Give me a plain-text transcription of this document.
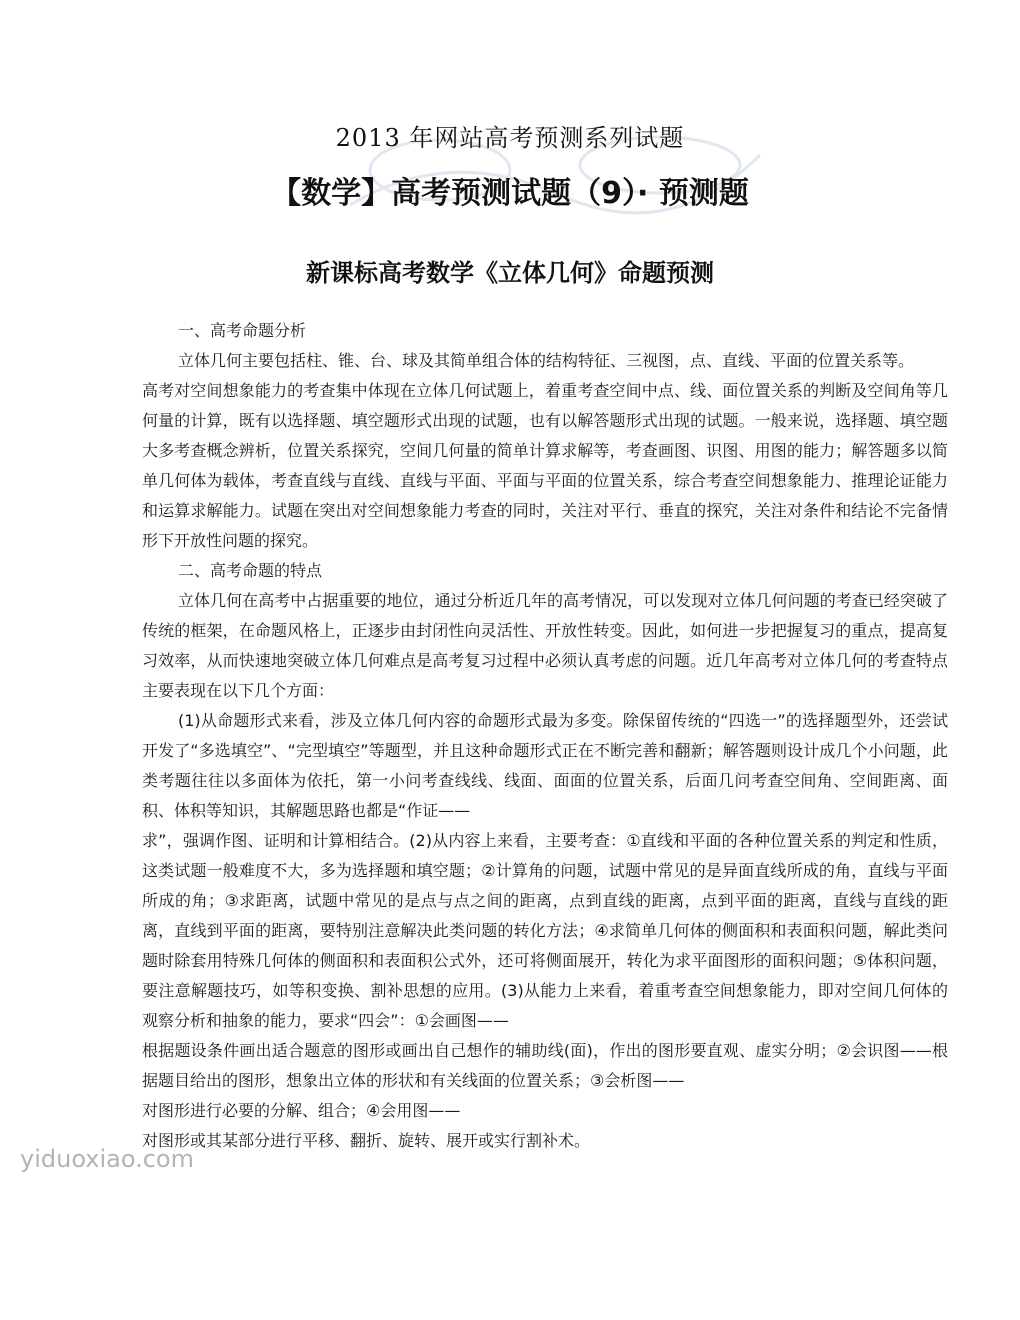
2013 年网站高考预测系列试题
【数学】高考预测试题（9）· 预测题
新课标高考数学《立体几何》命题预测

一、高考命题分析

立体几何主要包括柱、锥、台、球及其简单组合体的结构特征、三视图，点、直线、平面的位置关系等。

高考对空间想象能力的考查集中体现在立体几何试题上，着重考查空间中点、线、面位置关系的判断及空间角等几何量的计算，既有以选择题、填空题形式出现的试题，也有以解答题形式出现的试题。一般来说，选择题、填空题大多考查概念辨析，位置关系探究，空间几何量的简单计算求解等，考查画图、识图、用图的能力；解答题多以简单几何体为载体，考查直线与直线、直线与平面、平面与平面的位置关系，综合考查空间想象能力、推理论证能力和运算求解能力。试题在突出对空间想象能力考查的同时，关注对平行、垂直的探究，关注对条件和结论不完备情形下开放性问题的探究。

二、高考命题的特点

立体几何在高考中占据重要的地位，通过分析近几年的高考情况，可以发现对立体几何问题的考查已经突破了传统的框架，在命题风格上，正逐步由封闭性向灵活性、开放性转变。因此，如何进一步把握复习的重点，提高复习效率，从而快速地突破立体几何难点是高考复习过程中必须认真考虑的问题。近几年高考对立体几何的考查特点主要表现在以下几个方面：

(1)从命题形式来看，涉及立体几何内容的命题形式最为多变。除保留传统的“四选一”的选择题型外，还尝试开发了“多选填空”、“完型填空”等题型，并且这种命题形式正在不断完善和翻新；解答题则设计成几个小问题，此类考题往往以多面体为依托，第一小问考查线线、线面、面面的位置关系，后面几问考查空间角、空间距离、面积、体积等知识，其解题思路也都是“作证——

求”，强调作图、证明和计算相结合。(2)从内容上来看，主要考查：①直线和平面的各种位置关系的判定和性质，这类试题一般难度不大，多为选择题和填空题；②计算角的问题，试题中常见的是异面直线所成的角，直线与平面所成的角；③求距离，试题中常见的是点与点之间的距离，点到直线的距离，点到平面的距离，直线与直线的距离，直线到平面的距离，要特别注意解决此类问题的转化方法；④求简单几何体的侧面积和表面积问题，解此类问题时除套用特殊几何体的侧面积和表面积公式外，还可将侧面展开，转化为求平面图形的面积问题；⑤体积问题，要注意解题技巧，如等积变换、割补思想的应用。(3)从能力上来看，着重考查空间想象能力，即对空间几何体的观察分析和抽象的能力，要求“四会”：①会画图——

根据题设条件画出适合题意的图形或画出自己想作的辅助线(面)，作出的图形要直观、虚实分明；②会识图——根据题目给出的图形，想象出立体的形状和有关线面的位置关系；③会析图——

对图形进行必要的分解、组合；④会用图——

对图形或其某部分进行平移、翻折、旋转、展开或实行割补术。

yiduoxiao.com
